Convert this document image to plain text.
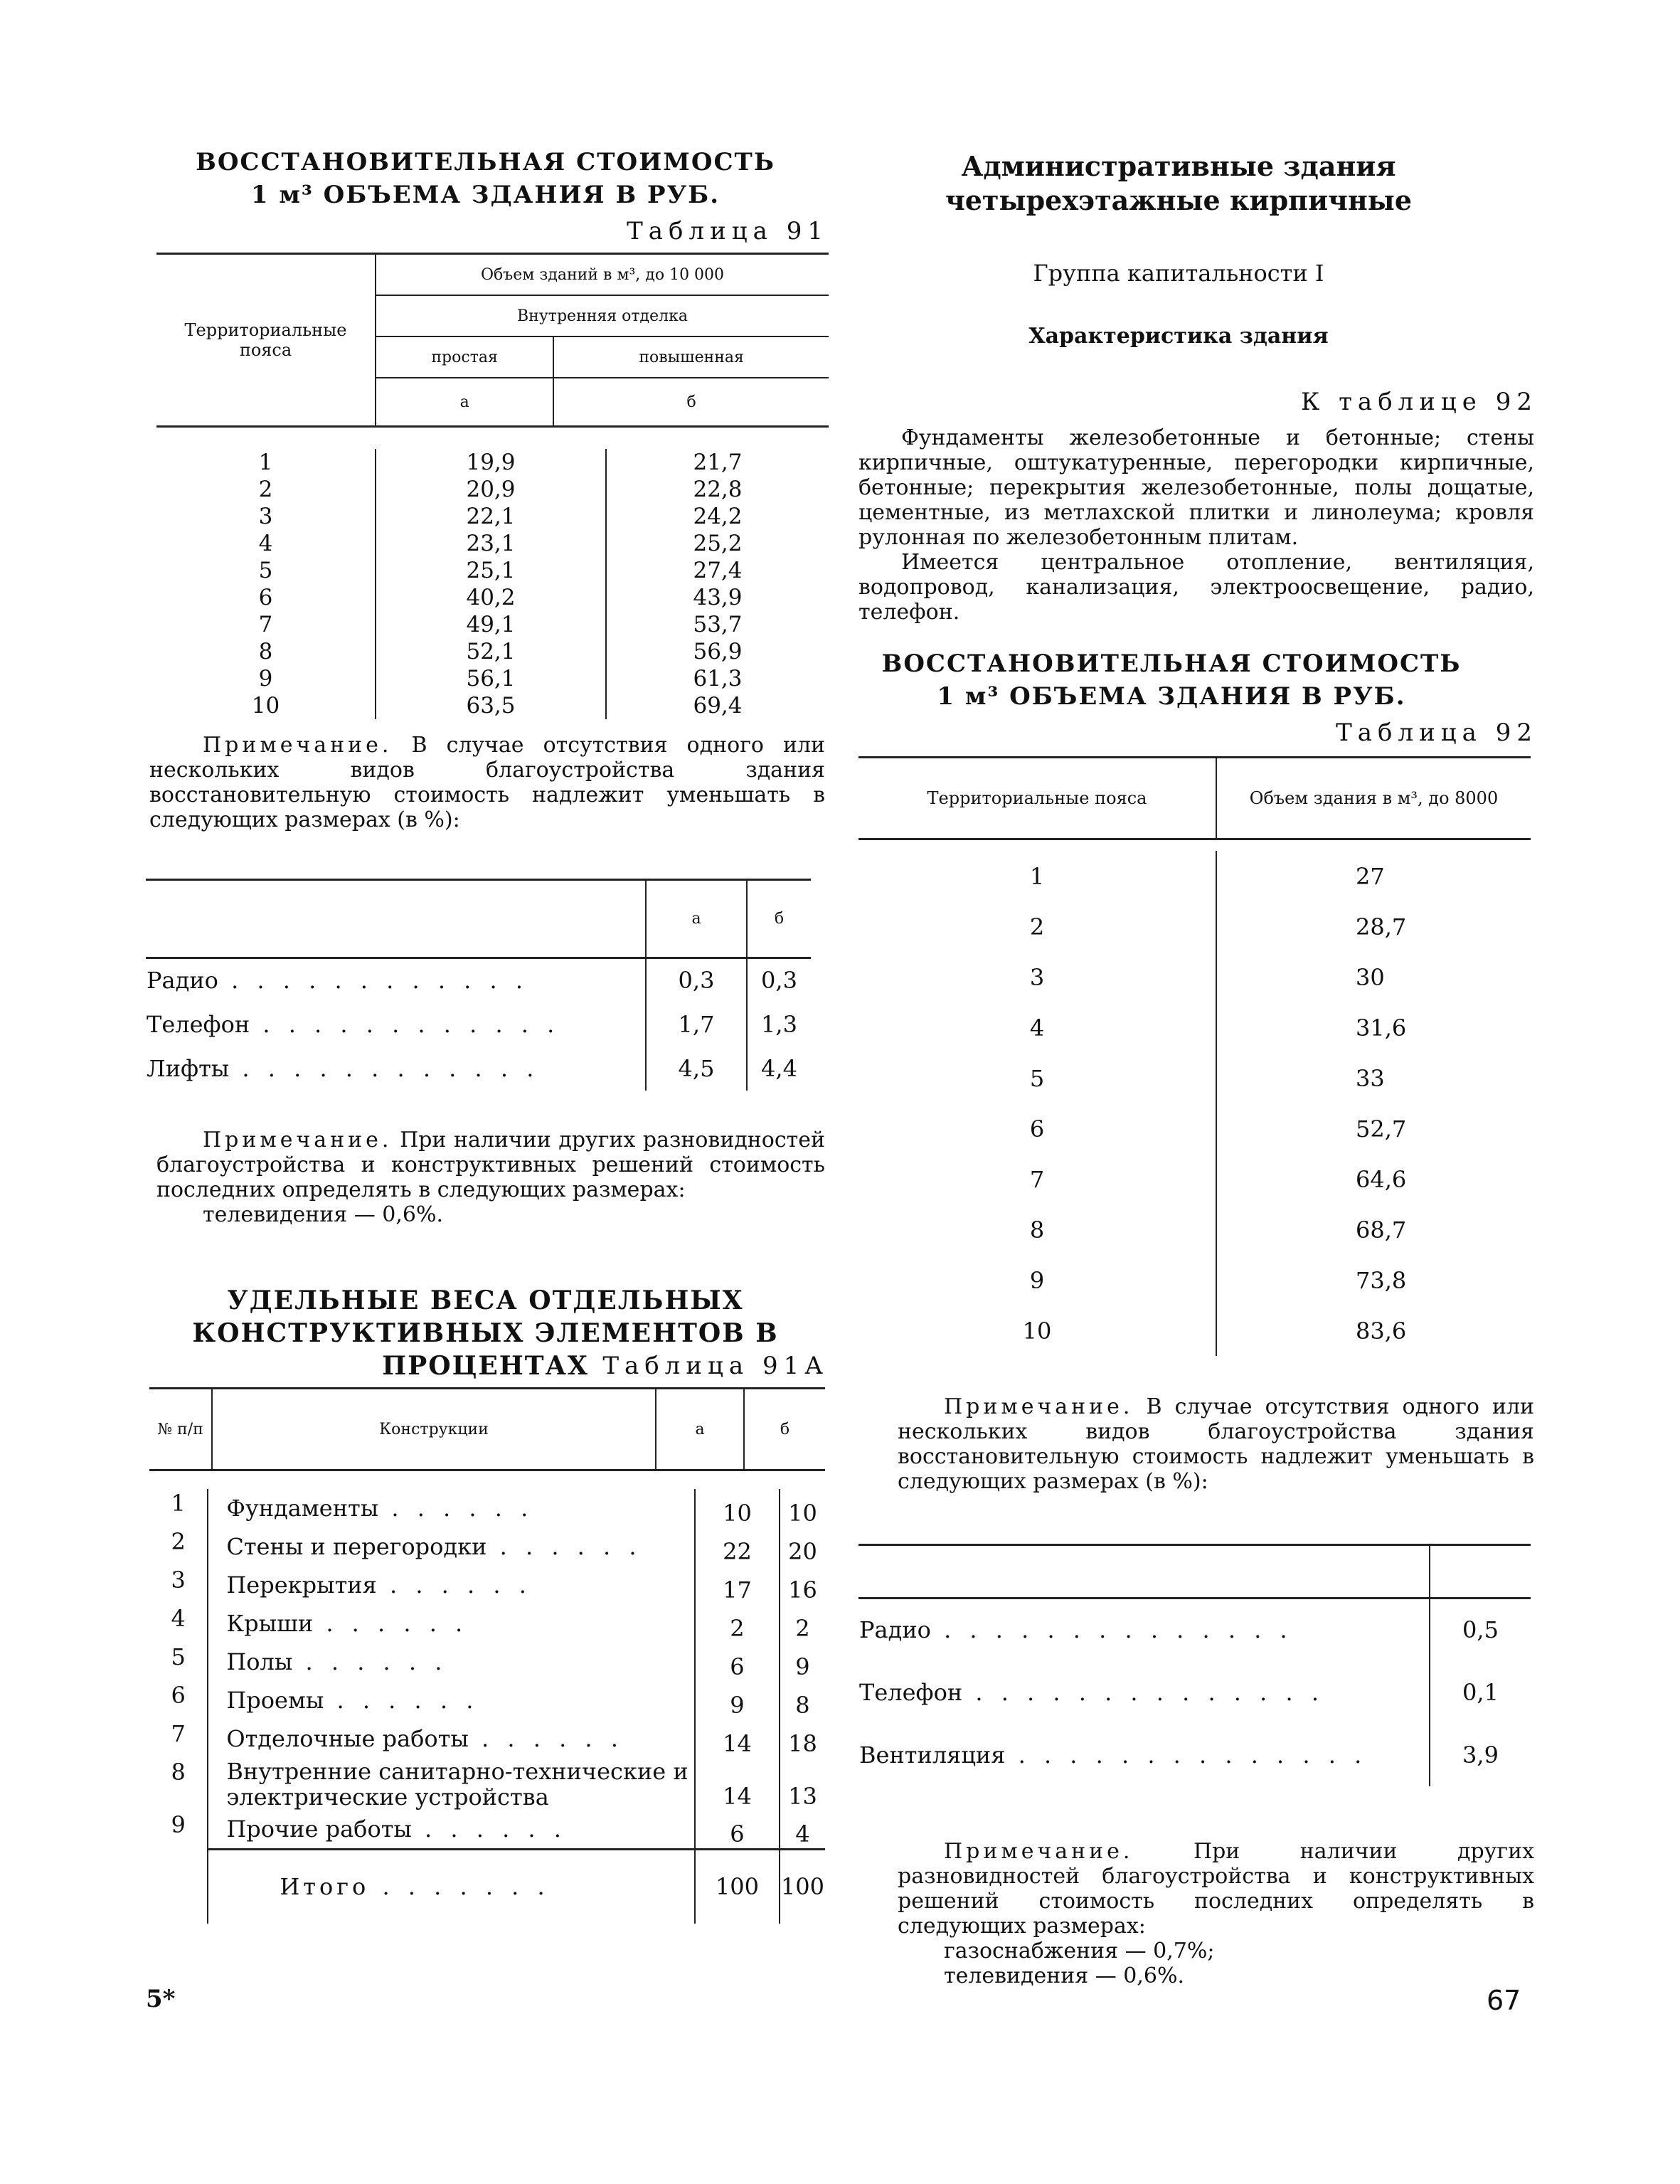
ВОССТАНОВИТЕЛЬНАЯ СТОИМОСТЬ
1 м³ ОБЪЕМА ЗДАНИЯ В РУБ.
Таблица 91
Территориальные пояса	Объем зданий в м³, до 10 000	
	Внутренняя отделка	
	простая	повышенная
	а	б
1	19,9	21,7
2	20,9	22,8
3	22,1	24,2
4	23,1	25,2
5	25,1	27,4
6	40,2	43,9
7	49,1	53,7
8	52,1	56,9
9	56,1	61,3
10	63,5	69,4
Примечание. В случае отсутствия одного или нескольких видов благоустройства здания восстановительную стоимость надлежит уменьшать в следующих размерах (в %):
	а	б
Радио . . . . . . . . . . . .	0,3	0,3
Телефон . . . . . . . . . . . .	1,7	1,3
Лифты . . . . . . . . . . . .	4,5	4,4
Примечание. При наличии других разновидностей благоустройства и конструктивных решений стоимость последних определять в следующих размерах:
телевидения — 0,6%.
УДЕЛЬНЫЕ ВЕСА ОТДЕЛЬНЫХ
КОНСТРУКТИВНЫХ ЭЛЕМЕНТОВ В ПРОЦЕНТАХ Таблица 91А
№ п/п	Конструкции	а	б
1	Фундаменты . . . . . .	10	10
2	Стены и перегородки . . . . . .	22	20
3	Перекрытия . . . . . .	17	16
4	Крыши . . . . . .	2	2
5	Полы . . . . . .	6	9
6	Проемы . . . . . .	9	8
7	Отделочные работы . . . . . .	14	18
8	Внутренние санитарно-технические и электрические устройства	14	13
9	Прочие работы . . . . . .	6	4
	Итого . . . . . . .	100	100
5*	67
Административные здания
четырехэтажные кирпичные
Группа капитальности I
Характеристика здания
К таблице 92
Фундаменты железобетонные и бетонные; стены кирпичные, оштукатуренные, перегородки кирпичные, бетонные; перекрытия железобетонные, полы дощатые, цементные, из метлахской плитки и линолеума; кровля рулонная по железобетонным плитам.
Имеется центральное отопление, вентиляция, водопровод, канализация, электроосвещение, радио, телефон.
ВОССТАНОВИТЕЛЬНАЯ СТОИМОСТЬ
1 м³ ОБЪЕМА ЗДАНИЯ В РУБ.
Таблица 92
Территориальные пояса	Объем здания в м³, до 8000
1	27
2	28,7
3	30
4	31,6
5	33
6	52,7
7	64,6
8	68,7
9	73,8
10	83,6
Примечание. В случае отсутствия одного или нескольких видов благоустройства здания восстановительную стоимость надлежит уменьшать в следующих размерах (в %):

Радио . . . . . . . . . . . . . .	0,5
Телефон . . . . . . . . . . . . . .	0,1
Вентиляция . . . . . . . . . . . . . .	3,9
Примечание.	При наличии других разновидностей благоустройства и конструктивных решений стоимость последних определять в следующих размерах:
газоснабжения — 0,7%;
телевидения — 0,6%.
